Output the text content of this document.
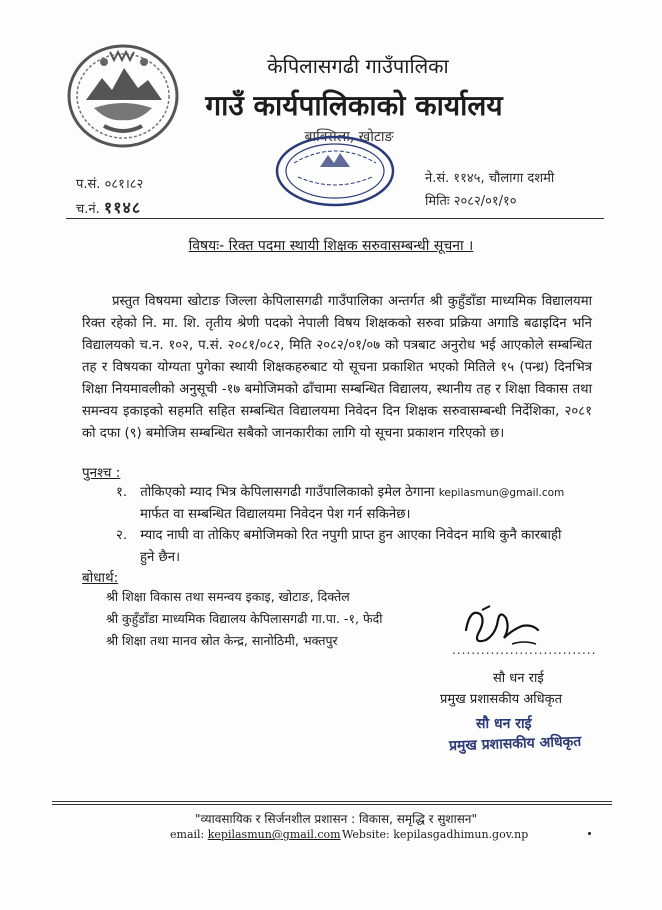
केपिलासगढी गाउँपालिका
गाउँ कार्यपालिकाको कार्यालय
बाक्सिला, खोटाङ
प.सं. ०८१।८२
च.नं. ११४८
ने.सं. ११४५, चौलागा दशमी
मितिः २०८२/०१/१०
विषयः- रिक्त पदमा स्थायी शिक्षक सरुवासम्बन्धी सूचना ।

प्रस्तुत विषयमा खोटाङ जिल्ला केपिलासगढी गाउँपालिका अन्तर्गत श्री कुहुँडाँडा माध्यमिक विद्यालयमा रिक्त रहेको नि. मा. शि. तृतीय श्रेणी पदको नेपाली विषय शिक्षकको सरुवा प्रक्रिया अगाडि बढाइदिन भनि विद्यालयको च.न. १०२, प.सं. २०८१/०८२, मिति २०८२/०१/०७ को पत्रबाट अनुरोध भई आएकोले सम्बन्धित तह र विषयका योग्यता पुगेका स्थायी शिक्षकहरुबाट यो सूचना प्रकाशित भएको मितिले १५ (पन्ध्र) दिनभित्र शिक्षा नियमावलीको अनुसूची -१७ बमोजिमको ढाँचामा सम्बन्धित विद्यालय, स्थानीय तह र शिक्षा विकास तथा समन्वय इकाइको सहमति सहित सम्बन्धित विद्यालयमा निवेदन दिन शिक्षक सरुवासम्बन्धी निर्देशिका, २०८१ को दफा (९) बमोजिम सम्बन्धित सबैको जानकारीका लागि यो सूचना प्रकाशन गरिएको छ।

पुनश्च :
१. तोकिएको म्याद भित्र केपिलासगढी गाउँपालिकाको इमेल ठेगाना kepilasmun@gmail.com
मार्फत वा सम्बन्धित विद्यालयमा निवेदन पेश गर्न सकिनेछ।
२. म्याद नाघी वा तोकिए बमोजिमको रित नपुगी प्राप्त हुन आएका निवेदन माथि कुनै कारबाही
हुने छैन।
बोधार्थ:
श्री शिक्षा विकास तथा समन्वय इकाइ, खोटाङ, दिक्तेल
श्री कुहुँडाँडा माध्यमिक विद्यालय केपिलासगढी गा.पा. -१, फेदी
श्री शिक्षा तथा मानव स्रोत केन्द्र, सानोठिमी, भक्तपुर
..............................
सौ धन राई
प्रमुख प्रशासकीय अधिकृत
सौ धन राई
प्रमुख प्रशासकीय अधिकृत
"व्यावसायिक र सिर्जनशील प्रशासन : विकास, समृद्धि र सुशासन"
email: kepilasmun@gmail.com Website: kepilasgadhimun.gov.np
